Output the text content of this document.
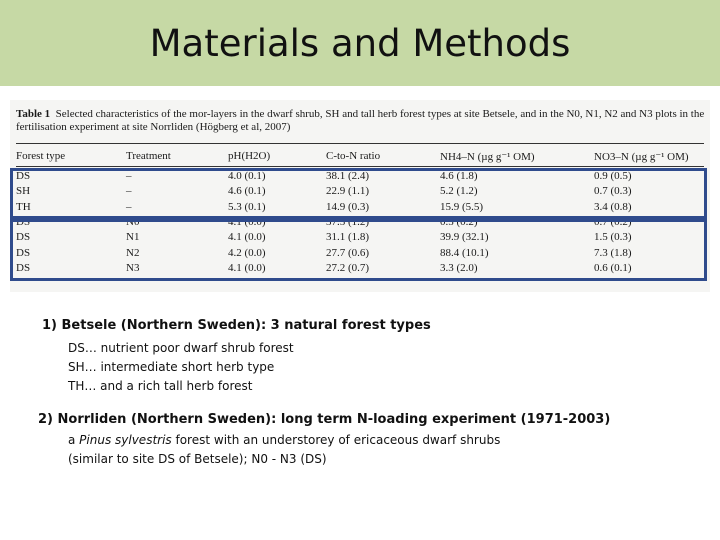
Materials and Methods
Table 1 Selected characteristics of the mor-layers in the dwarf shrub, SH and tall herb forest types at site Betsele, and in the N0, N1, N2 and N3 plots in the fertilisation experiment at site Norrliden (Högberg et al, 2007)
Forest type	Treatment	pH(H2O)	C-to-N ratio	NH4–N (µg g⁻¹ OM)	NO3–N (µg g⁻¹ OM)
DS	–	4.0 (0.1)	38.1 (2.4)	4.6 (1.8)	0.9 (0.5)
SH	–	4.6 (0.1)	22.9 (1.1)	5.2 (1.2)	0.7 (0.3)
TH	–	5.3 (0.1)	14.9 (0.3)	15.9 (5.5)	3.4 (0.8)
DS	N0	4.1 (0.0)	37.5 (1.2)	0.5 (0.2)	0.7 (0.2)
DS	N1	4.1 (0.0)	31.1 (1.8)	39.9 (32.1)	1.5 (0.3)
DS	N2	4.2 (0.0)	27.7 (0.6)	88.4 (10.1)	7.3 (1.8)
DS	N3	4.1 (0.0)	27.2 (0.7)	3.3 (2.0)	0.6 (0.1)

1) Betsele (Northern Sweden): 3 natural forest types

DS… nutrient poor dwarf shrub forest

SH… intermediate short herb type

TH… and a rich tall herb forest

2) Norrliden (Northern Sweden): long term N-loading experiment (1971-2003)

a Pinus sylvestris forest with an understorey of ericaceous dwarf shrubs

(similar to site DS of Betsele); N0 - N3 (DS)
